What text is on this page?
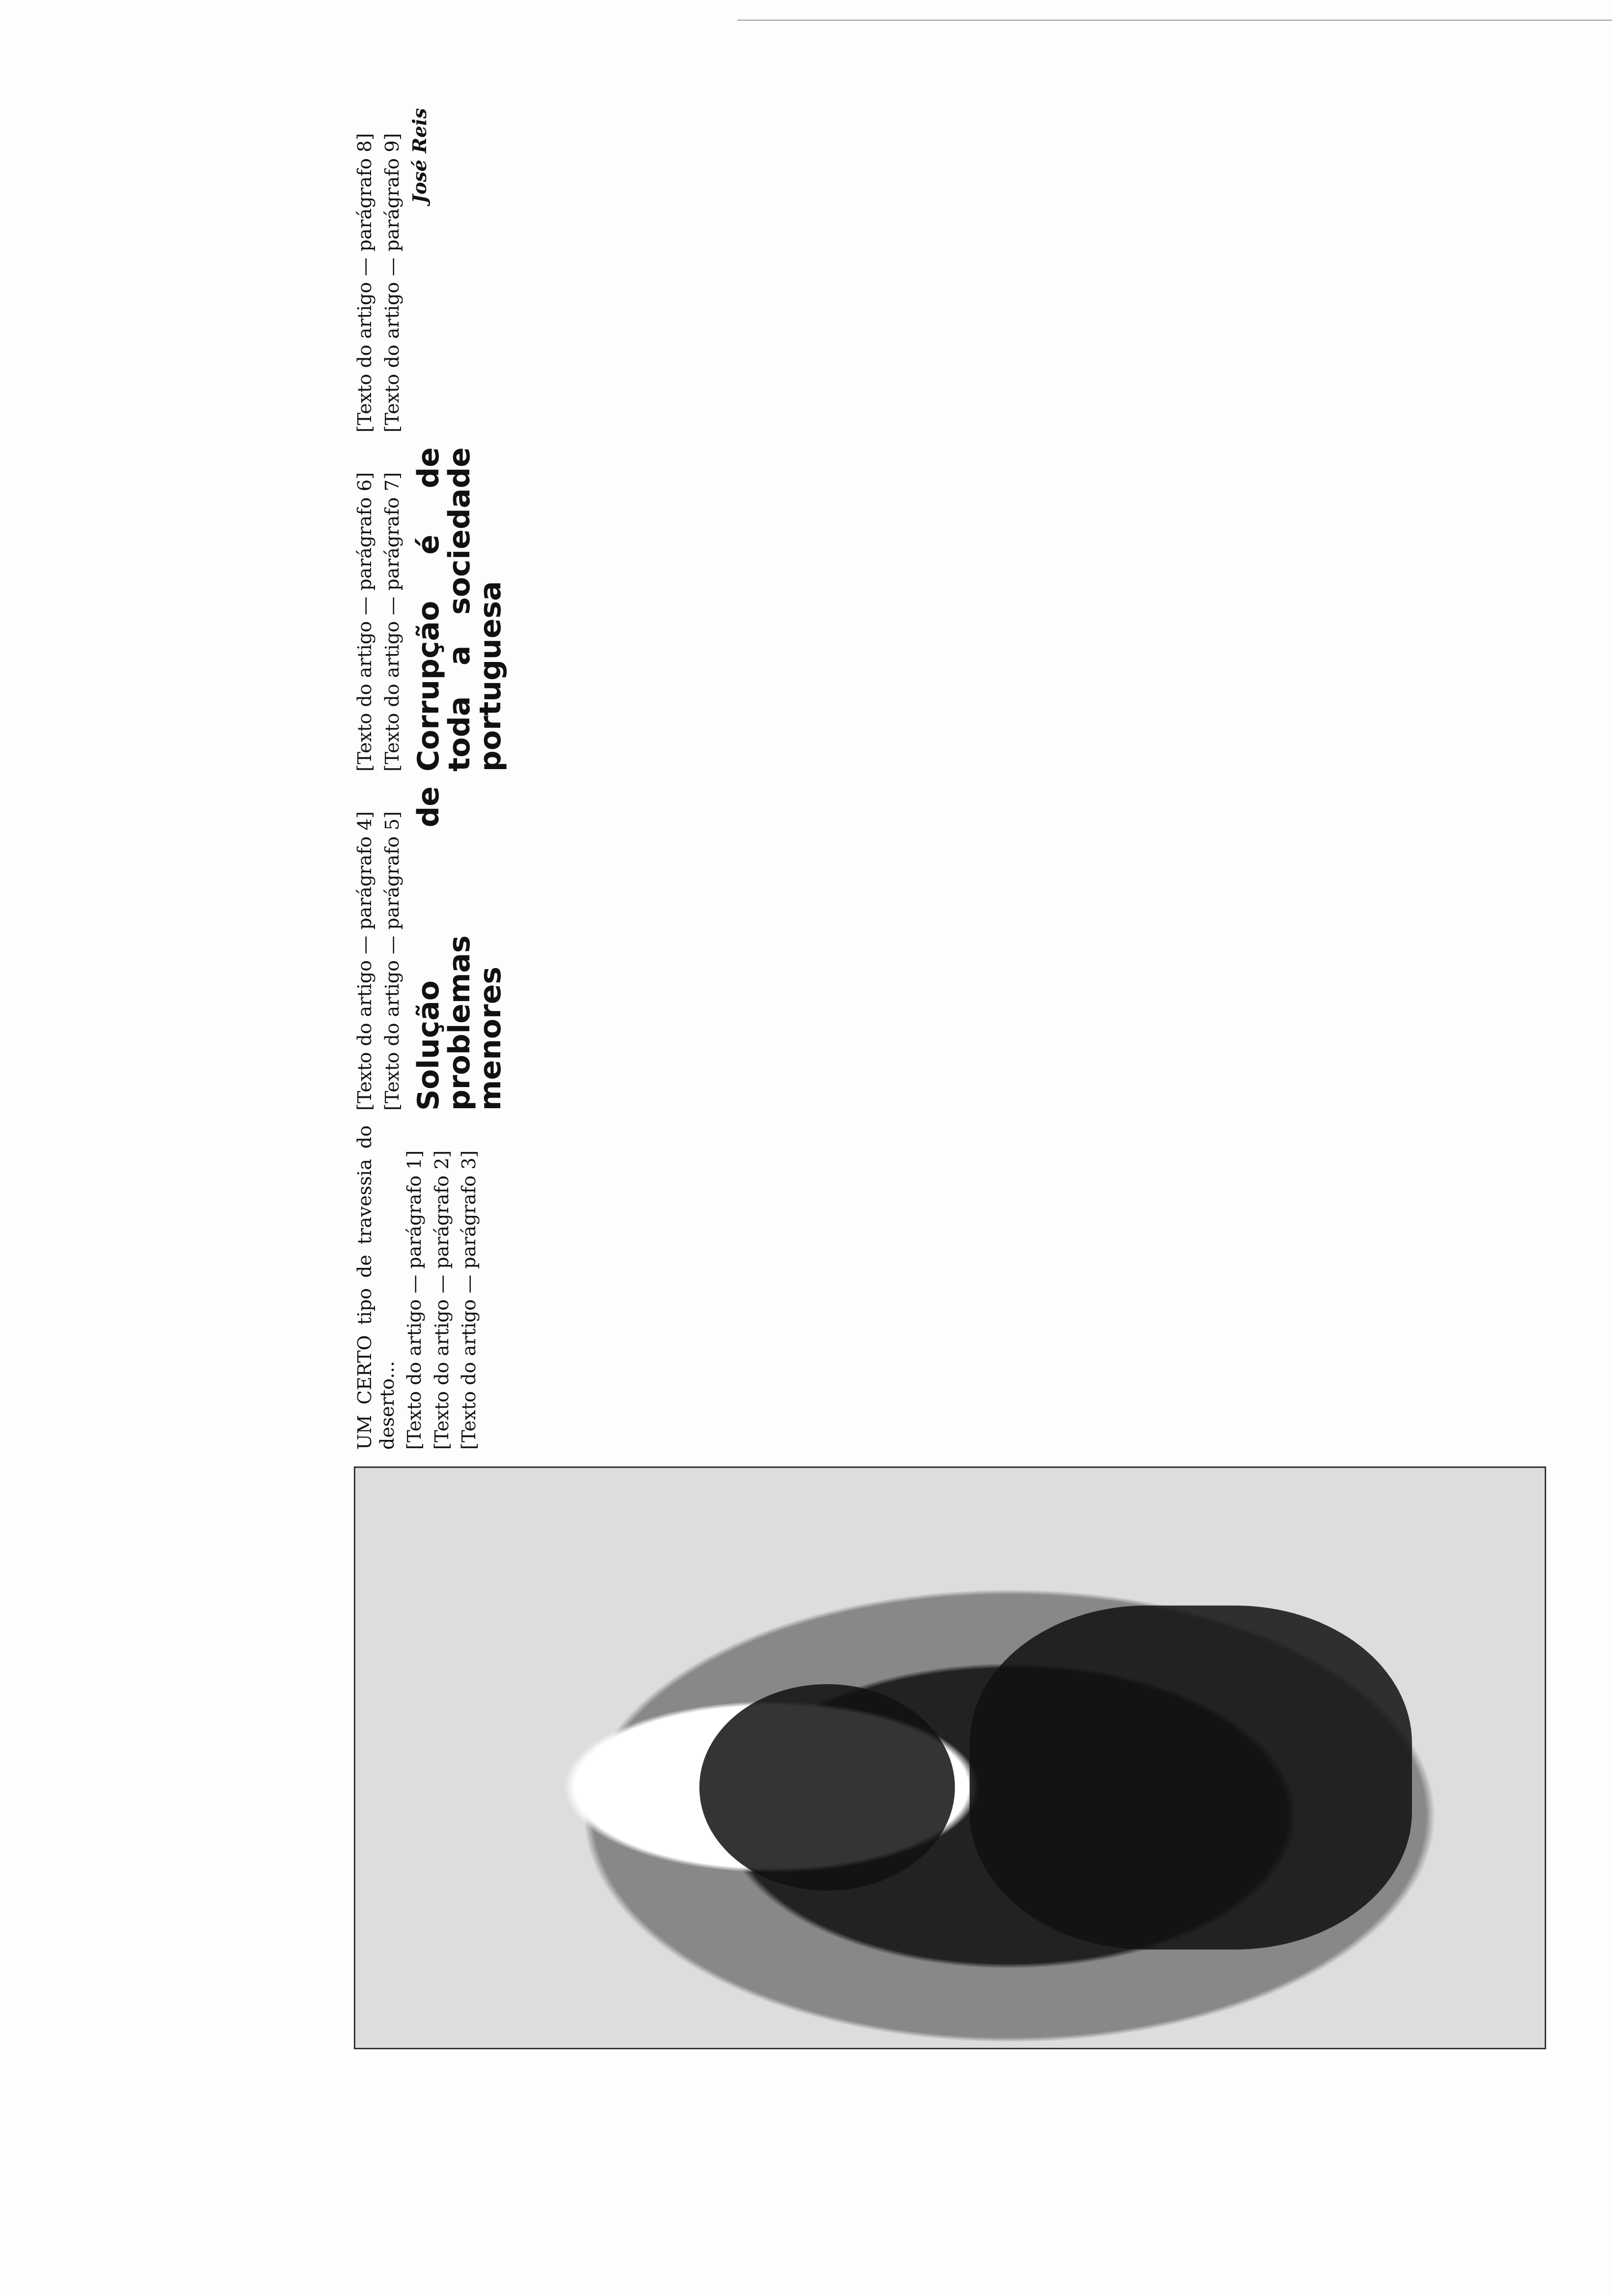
UM CERTO tipo de travessia do deserto... [Texto do artigo — parágrafo 1] [Texto do artigo — parágrafo 2] [Texto do artigo — parágrafo 3]

[Texto do artigo — parágrafo 4] [Texto do artigo — parágrafo 5] Solução de problemas menores

[Texto do artigo — parágrafo 6] [Texto do artigo — parágrafo 7] Corrupção é de toda a sociedade portuguesa

[Texto do artigo — parágrafo 8] [Texto do artigo — parágrafo 9] José Reis
